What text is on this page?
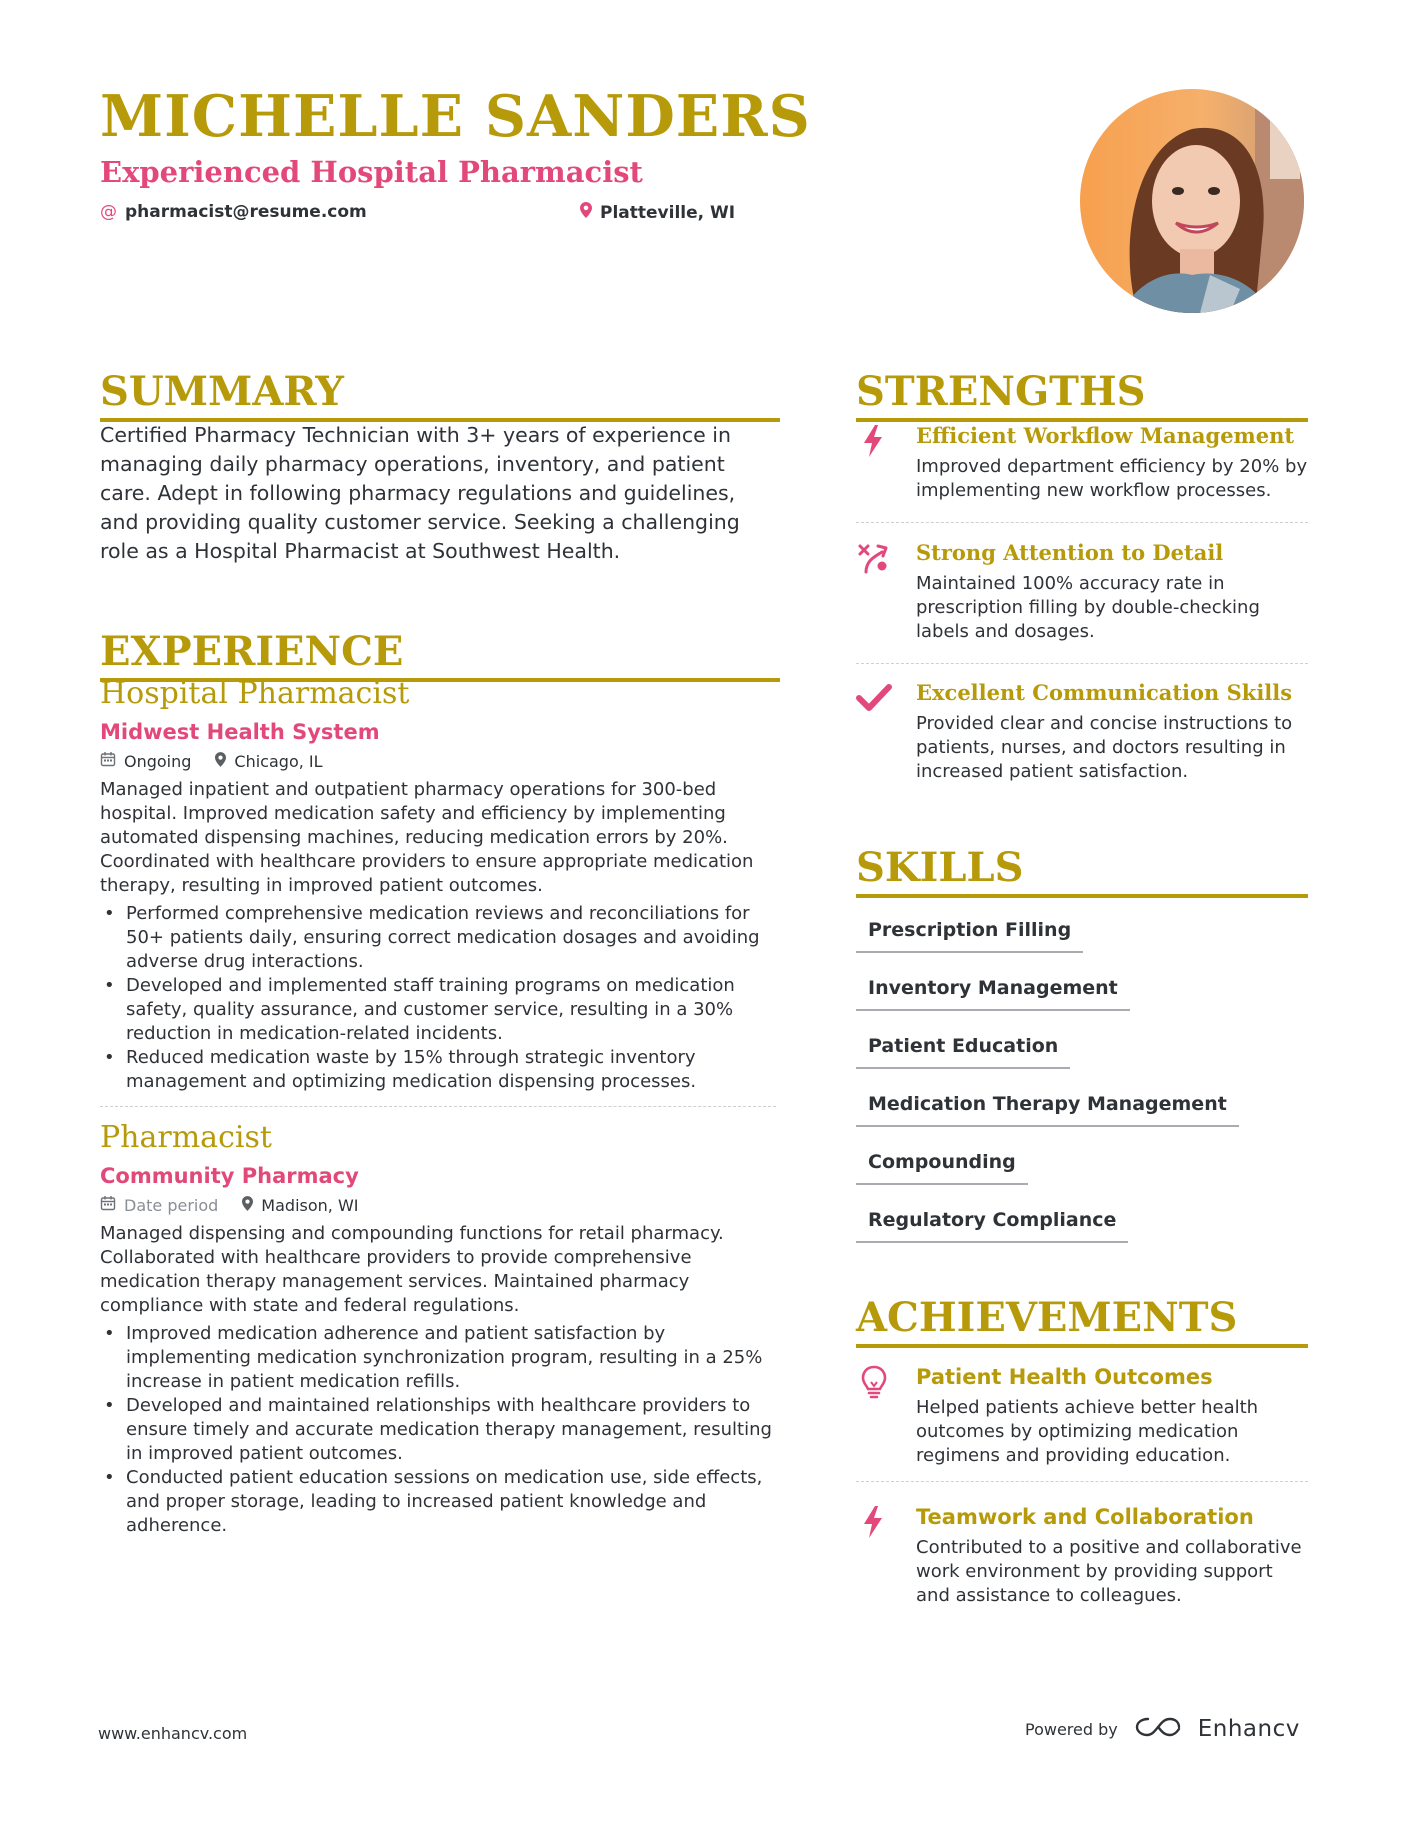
MICHELLE SANDERS
Experienced Hospital Pharmacist
@ pharmacist@resume.com	Platteville, WI
SUMMARY

Certified Pharmacy Technician with 3+ years of experience in managing daily pharmacy operations, inventory, and patient care. Adept in following pharmacy regulations and guidelines, and providing quality customer service. Seeking a challenging role as a Hospital Pharmacist at Southwest Health.

EXPERIENCE

Hospital Pharmacist

Midwest Health System

Ongoing	Chicago, IL

Managed inpatient and outpatient pharmacy operations for 300-bed hospital. Improved medication safety and efficiency by implementing automated dispensing machines, reducing medication errors by 20%. Coordinated with healthcare providers to ensure appropriate medication therapy, resulting in improved patient outcomes.

• Performed comprehensive medication reviews and reconciliations for 50+ patients daily, ensuring correct medication dosages and avoiding adverse drug interactions.
• Developed and implemented staff training programs on medication safety, quality assurance, and customer service, resulting in a 30% reduction in medication-related incidents.
• Reduced medication waste by 15% through strategic inventory management and optimizing medication dispensing processes.

Pharmacist

Community Pharmacy

Date period	Madison, WI

Managed dispensing and compounding functions for retail pharmacy. Collaborated with healthcare providers to provide comprehensive medication therapy management services. Maintained pharmacy compliance with state and federal regulations.

• Improved medication adherence and patient satisfaction by implementing medication synchronization program, resulting in a 25% increase in patient medication refills.
• Developed and maintained relationships with healthcare providers to ensure timely and accurate medication therapy management, resulting in improved patient outcomes.
• Conducted patient education sessions on medication use, side effects, and proper storage, leading to increased patient knowledge and adherence.
STRENGTHS

Efficient Workflow Management

Improved department efficiency by 20% by implementing new workflow processes.

Strong Attention to Detail

Maintained 100% accuracy rate in prescription filling by double-checking labels and dosages.

Excellent Communication Skills

Provided clear and concise instructions to patients, nurses, and doctors resulting in increased patient satisfaction.

SKILLS
Prescription Filling
Inventory Management
Patient Education
Medication Therapy Management
Compounding
Regulatory Compliance
ACHIEVEMENTS

Patient Health Outcomes

Helped patients achieve better health outcomes by optimizing medication regimens and providing education.

Teamwork and Collaboration

Contributed to a positive and collaborative work environment by providing support and assistance to colleagues.

www.enhancv.com	Powered by	Enhancv
